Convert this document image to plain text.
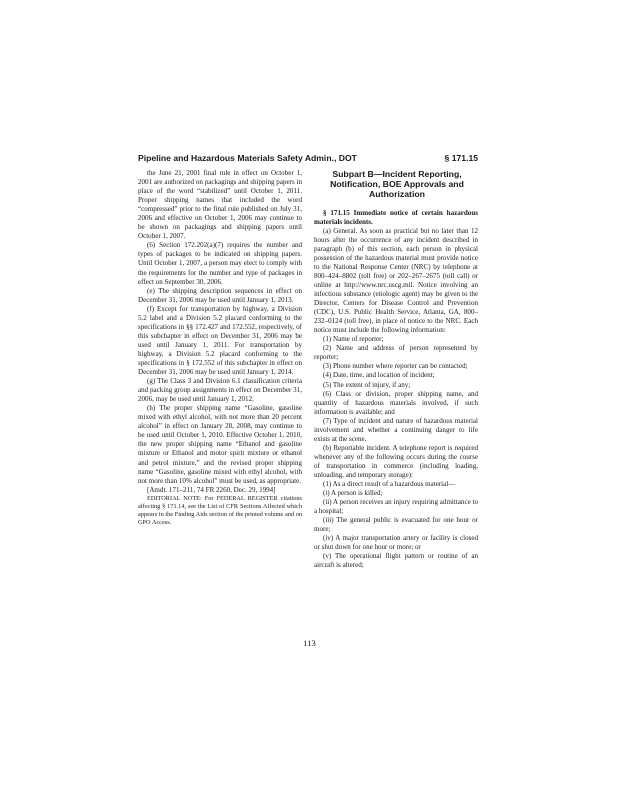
Pipeline and Hazardous Materials Safety Admin., DOT	§ 171.15

the June 21, 2001 final rule in effect on October 1, 2001 are authorized on packagings and shipping papers in place of the word “stabilized” until October 1, 2011. Proper shipping names that included the word “compressed” prior to the final rule published on July 31, 2006 and effective on October 1, 2006 may continue to be shown on packagings and shipping papers until October 1, 2007.

(6) Section 172.202(a)(7) requires the number and types of packages to be indicated on shipping papers. Until October 1, 2007, a person may elect to comply with the requirements for the number and type of packages in effect on September 30, 2006.

(e) The shipping description sequences in effect on December 31, 2006 may be used until January 1, 2013.

(f) Except for transportation by highway, a Division 5.2 label and a Division 5.2 placard conforming to the specifications in §§ 172.427 and 172.552, respectively, of this subchapter in effect on December 31, 2006 may be used until January 1, 2011. For transportation by highway, a Division 5.2 placard conforming to the specifications in § 172.552 of this subchapter in effect on December 31, 2006 may be used until January 1, 2014.

(g) The Class 3 and Division 6.1 classification criteria and packing group assignments in effect on December 31, 2006, may be used until January 1, 2012.

(h) The proper shipping name “Gasoline, gasoline mixed with ethyl alcohol, with not more than 20 percent alcohol” in effect on January 28, 2008, may continue to be used until October 1, 2010. Effective October 1, 2010, the new proper shipping name “Ethanol and gasoline mixture or Ethanol and motor spirit mixture or ethanol and petrol mixture,” and the revised proper shipping name “Gasoline, gasoline mixed with ethyl alcohol, with not more than 10% alcohol” must be used, as appropriate.

[Amdt. 171–211, 74 FR 2260, Dec. 29, 1994]

EDITORIAL NOTE: For FEDERAL REGISTER citations affecting § 171.14, see the List of CFR Sections Affected which appears in the Finding Aids section of the printed volume and on GPO Access.

Subpart B—Incident Reporting, Notification, BOE Approvals and Authorization

§ 171.15 Immediate notice of certain hazardous materials incidents.

(a) General. As soon as practical but no later than 12 hours after the occurrence of any incident described in paragraph (b) of this section, each person in physical possession of the hazardous material must provide notice to the National Response Center (NRC) by telephone at 800–424–8802 (toll free) or 202–267–2675 (toll call) or online at http://www.nrc.uscg.mil. Notice involving an infectious substance (etiologic agent) may be given to the Director, Centers for Disease Control and Prevention (CDC), U.S. Public Health Service, Atlanta, GA, 800–232–0124 (toll free), in place of notice to the NRC. Each notice must include the following information:

(1) Name of reporter;

(2) Name and address of person represented by reporter;

(3) Phone number where reporter can be contacted;

(4) Date, time, and location of incident;

(5) The extent of injury, if any;

(6) Class or division, proper shipping name, and quantity of hazardous materials involved, if such information is available; and

(7) Type of incident and nature of hazardous material involvement and whether a continuing danger to life exists at the scene.

(b) Reportable incident. A telephone report is required whenever any of the following occurs during the course of transportation in commerce (including loading, unloading, and temporary storage):

(1) As a direct result of a hazardous material—

(i) A person is killed;

(ii) A person receives an injury requiring admittance to a hospital;

(iii) The general public is evacuated for one hour or more;

(iv) A major transportation artery or facility is closed or shut down for one hour or more; or

(v) The operational flight pattern or routine of an aircraft is altered;

113
